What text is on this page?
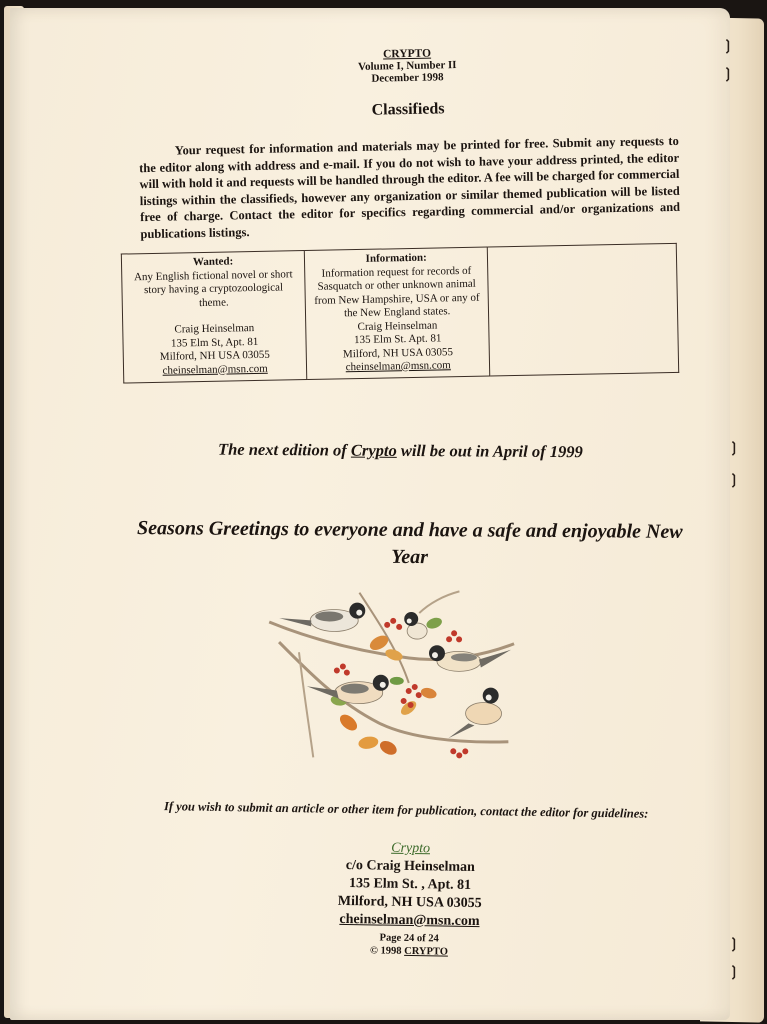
CRYPTO
Volume I, Number II
December 1998
Classifieds
Your request for information and materials may be printed for free. Submit any requests to the editor along with address and e-mail. If you do not wish to have your address printed, the editor will with hold it and requests will be handled through the editor. A fee will be charged for commercial listings within the classifieds, however any organization or similar themed publication will be listed free of charge. Contact the editor for specifics regarding commercial and/or organizations and publications listings.
Wanted:
Any English fictional novel or short story having a cryptozoological theme.
Craig Heinselman
135 Elm St, Apt. 81
Milford, NH USA 03055
cheinselman@msn.com

Information:
Information request for records of Sasquatch or other unknown animal from New Hampshire, USA or any of the New England states.
Craig Heinselman
135 Elm St. Apt. 81
Milford, NH USA 03055
cheinselman@msn.com

The next edition of Crypto will be out in April of 1999
Seasons Greetings to everyone and have a safe and enjoyable New Year
If you wish to submit an article or other item for publication, contact the editor for guidelines:
Crypto
c/o Craig Heinselman
135 Elm St. , Apt. 81
Milford, NH USA 03055
cheinselman@msn.com
Page 24 of 24
© 1998 CRYPTO
❳
❳
❳
❳
❳
❳
